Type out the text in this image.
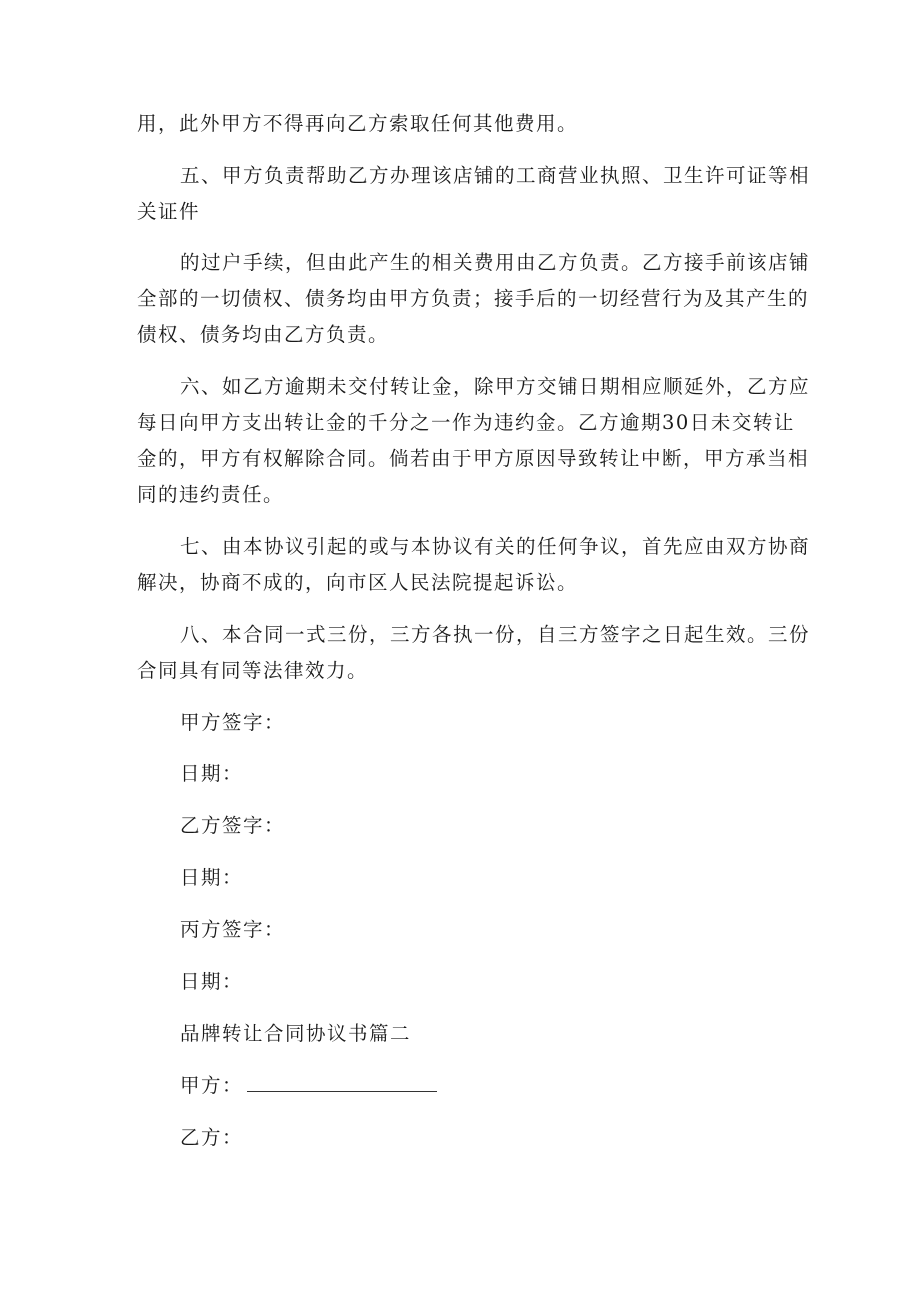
用，此外甲方不得再向乙方索取任何其他费用。
五、甲方负责帮助乙方办理该店铺的工商营业执照、卫生许可证等相
关证件
的过户手续，但由此产生的相关费用由乙方负责。乙方接手前该店铺
全部的一切债权、债务均由甲方负责；接手后的一切经营行为及其产生的
债权、债务均由乙方负责。
六、如乙方逾期未交付转让金，除甲方交铺日期相应顺延外，乙方应
每日向甲方支出转让金的千分之一作为违约金。乙方逾期30日未交转让
金的，甲方有权解除合同。倘若由于甲方原因导致转让中断，甲方承当相
同的违约责任。
七、由本协议引起的或与本协议有关的任何争议，首先应由双方协商
解决，协商不成的，向市区人民法院提起诉讼。
八、本合同一式三份，三方各执一份，自三方签字之日起生效。三份
合同具有同等法律效力。
甲方签字：
日期：
乙方签字：
日期：
丙方签字：
日期：
品牌转让合同协议书篇二
甲方：
乙方：
